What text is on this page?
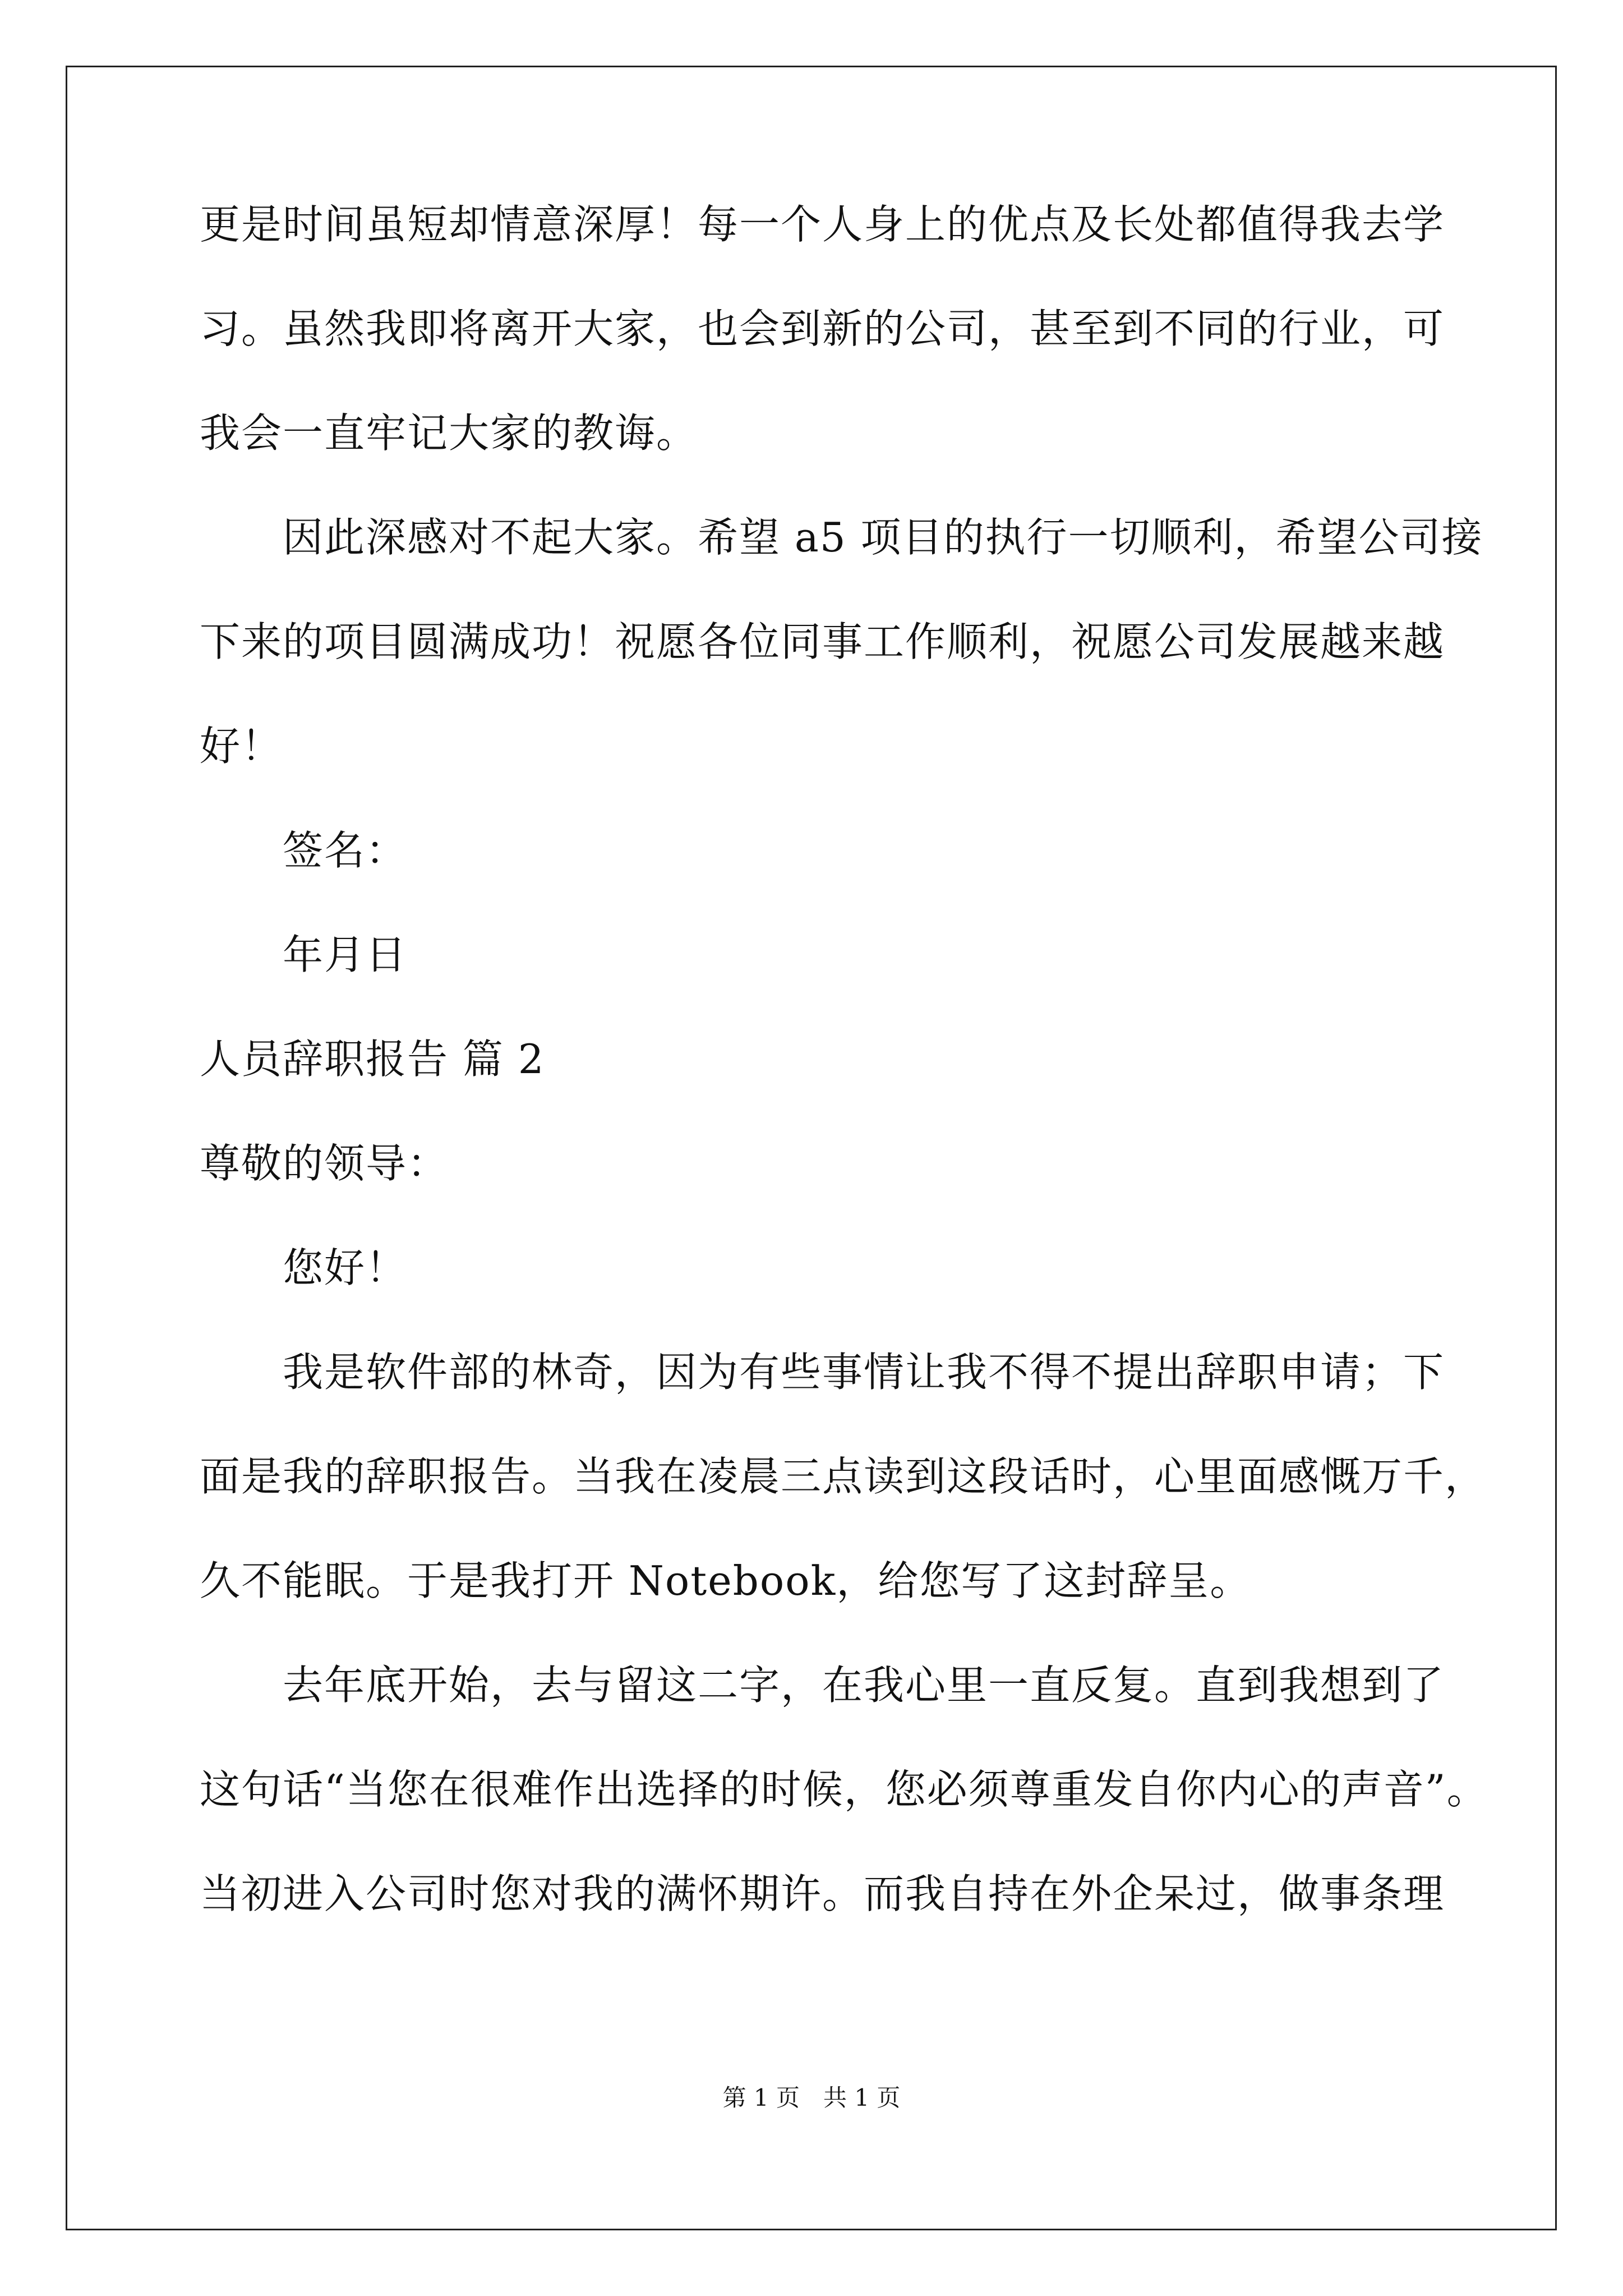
更是时间虽短却情意深厚！每一个人身上的优点及长处都值得我去学
习。虽然我即将离开大家，也会到新的公司，甚至到不同的行业，可
我会一直牢记大家的教诲。
因此深感对不起大家。希望 a5 项目的执行一切顺利，希望公司接
下来的项目圆满成功！祝愿各位同事工作顺利，祝愿公司发展越来越
好！
签名：
年月日
人员辞职报告 篇 2
尊敬的领导：
您好！
我是软件部的林奇，因为有些事情让我不得不提出辞职申请；下
面是我的辞职报告。当我在凌晨三点读到这段话时，心里面感慨万千，
久不能眠。于是我打开 Notebook，给您写了这封辞呈。
去年底开始，去与留这二字，在我心里一直反复。直到我想到了
这句话“当您在很难作出选择的时候，您必须尊重发自你内心的声音”。
当初进入公司时您对我的满怀期许。而我自持在外企呆过，做事条理
第 1 页　共 1 页
